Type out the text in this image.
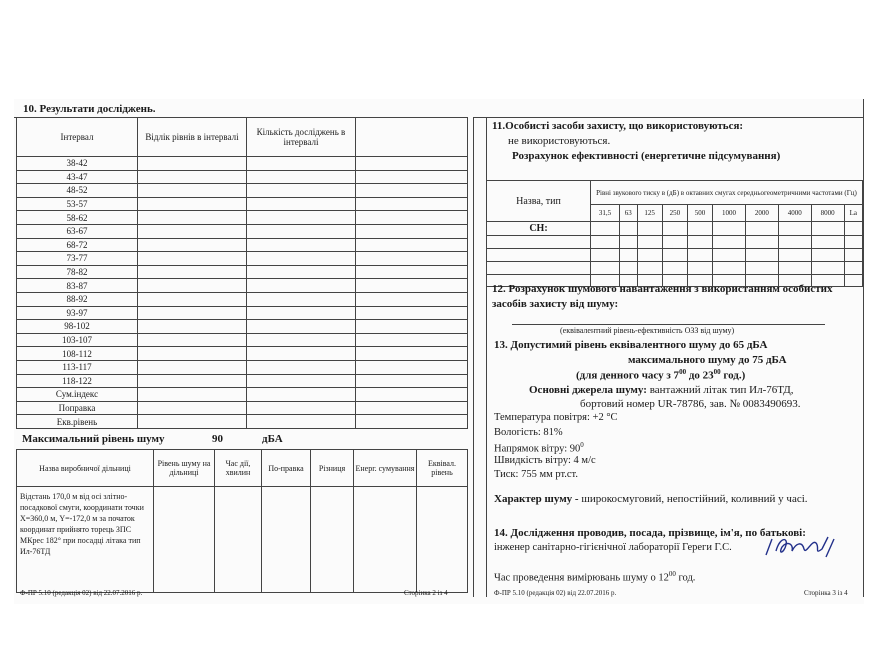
10. Результати досліджень.
Інтервал	Відлік рівнів в інтервалі	Кількість досліджень в інтервалі	
38-42			
43-47			
48-52			
53-57			
58-62			
63-67			
68-72			
73-77			
78-82			
83-87			
88-92			
93-97			
98-102			
103-107			
108-112			
113-117			
118-122			
Сум.індекс			
Поправка			
Екв.рівень			
Максимальний рівень шуму	90	дБА
Назва виробничої дільниці	Рівень шуму на дільниці	Час дії, хвилин	По-правка	Різниця	Енерг. сумування	Еквівал. рівень
Відстань 170,0 м від осі злітно-посадкової смуги, координати точки X=360,0 м, Y=-172,0 м за початок координат прийнято торець ЗПС МКрес 182° при посадці літака тип Ил-76ТД						
Ф-ПР 5.10 (редакція 02) від 22.07.2016 р.	Сторінка 2 із 4
11.Особисті засоби захисту, що використовуються:
не використовуються.
Розрахунок ефективності (енергетичне підсумування)
Назва, тип	Рівні звукового тиску в (дБ) в октавних смугах середньогеометричними частотами (Гц)									
	31,5	63	125	250	500	1000	2000	4000	8000	La
СН:										

12. Розрахунок шумового навантаження з використанням особистих засобів захисту від шуму:
(еквівалентний рівень-ефективність ОЗЗ від шуму)
13. Допустимий рівень еквівалентного шуму до 65 дБА
максимального шуму до 75 дБА
(для денного часу з $7^{00}$ до $23^{00}$ год.)
Основні джерела шуму: вантажний літак тип Ил-76ТД,
бортовий номер UR-78786, зав. № 0083490693.
Температура повітря: +2 °С
Вологість: 81%
Напрямок вітру: $90^0$
Швидкість вітру: 4 м/с
Тиск: 755 мм рт.ст.
Характер шуму - широкосмуговий, непостійний, коливний у часі.
14. Дослідження проводив, посада, прізвище, ім'я, по батькові:
інженер санітарно-гігієнічної лабораторії Гереги Г.С.
Час проведення вимірювань шуму о $12^{00}$ год.
Ф-ПР 5.10 (редакція 02) від 22.07.2016 р.	Сторінка 3 із 4
